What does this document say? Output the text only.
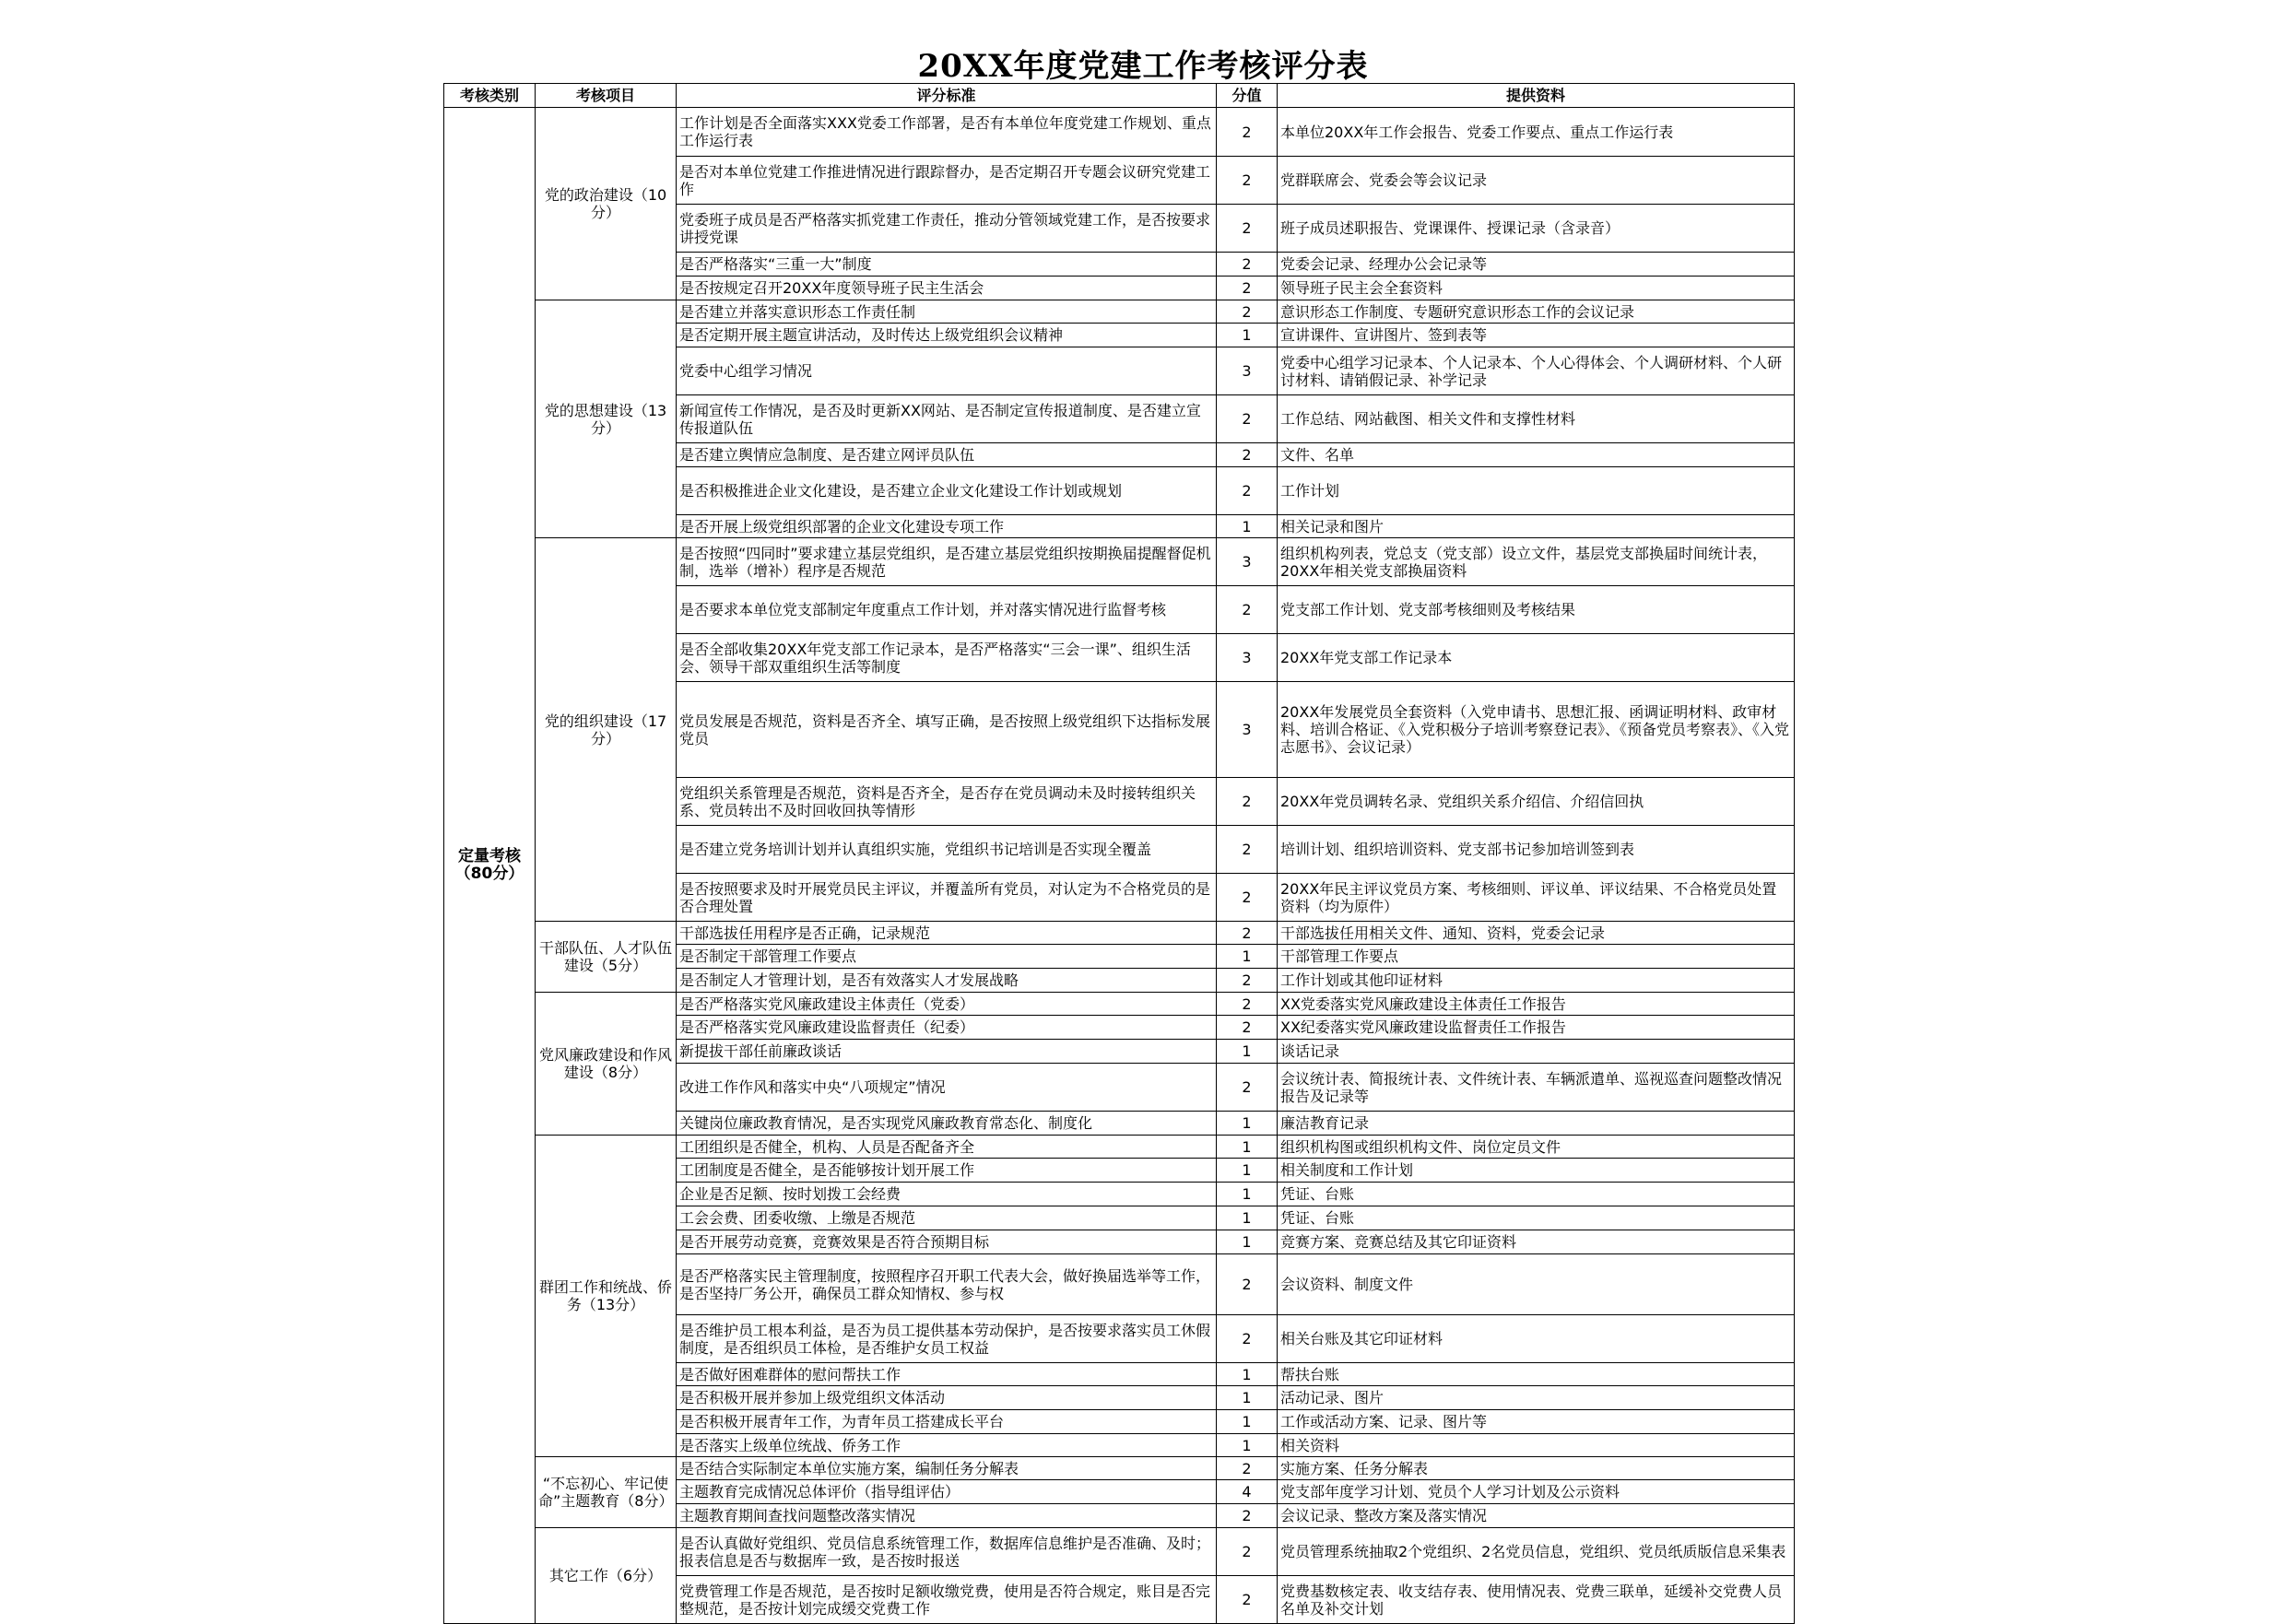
20XX年度党建工作考核评分表
考核类别	考核项目	评分标准	分值	提供资料
定量考核（80分）	党的政治建设（10分）	工作计划是否全面落实XXX党委工作部署，是否有本单位年度党建工作规划、重点工作运行表	2	本单位20XX年工作会报告、党委工作要点、重点工作运行表
		是否对本单位党建工作推进情况进行跟踪督办，是否定期召开专题会议研究党建工作	2	党群联席会、党委会等会议记录
		党委班子成员是否严格落实抓党建工作责任，推动分管领域党建工作，是否按要求讲授党课	2	班子成员述职报告、党课课件、授课记录（含录音）
		是否严格落实“三重一大”制度	2	党委会记录、经理办公会记录等
		是否按规定召开20XX年度领导班子民主生活会	2	领导班子民主会全套资料
	党的思想建设（13分）	是否建立并落实意识形态工作责任制	2	意识形态工作制度、专题研究意识形态工作的会议记录
		是否定期开展主题宣讲活动，及时传达上级党组织会议精神	1	宣讲课件、宣讲图片、签到表等
		党委中心组学习情况	3	党委中心组学习记录本、个人记录本、个人心得体会、个人调研材料、个人研讨材料、请销假记录、补学记录
		新闻宣传工作情况，是否及时更新XX网站、是否制定宣传报道制度、是否建立宣传报道队伍	2	工作总结、网站截图、相关文件和支撑性材料
		是否建立舆情应急制度、是否建立网评员队伍	2	文件、名单
		是否积极推进企业文化建设，是否建立企业文化建设工作计划或规划	2	工作计划
		是否开展上级党组织部署的企业文化建设专项工作	1	相关记录和图片
	党的组织建设（17分）	是否按照“四同时”要求建立基层党组织，是否建立基层党组织按期换届提醒督促机制，选举（增补）程序是否规范	3	组织机构列表，党总支（党支部）设立文件，基层党支部换届时间统计表，20XX年相关党支部换届资料
		是否要求本单位党支部制定年度重点工作计划，并对落实情况进行监督考核	2	党支部工作计划、党支部考核细则及考核结果
		是否全部收集20XX年党支部工作记录本，是否严格落实“三会一课”、组织生活会、领导干部双重组织生活等制度	3	20XX年党支部工作记录本
		党员发展是否规范，资料是否齐全、填写正确，是否按照上级党组织下达指标发展党员	3	20XX年发展党员全套资料（入党申请书、思想汇报、函调证明材料、政审材料、培训合格证、《入党积极分子培训考察登记表》、《预备党员考察表》、《入党志愿书》、会议记录）
		党组织关系管理是否规范，资料是否齐全，是否存在党员调动未及时接转组织关系、党员转出不及时回收回执等情形	2	20XX年党员调转名录、党组织关系介绍信、介绍信回执
		是否建立党务培训计划并认真组织实施，党组织书记培训是否实现全覆盖	2	培训计划、组织培训资料、党支部书记参加培训签到表
		是否按照要求及时开展党员民主评议，并覆盖所有党员，对认定为不合格党员的是否合理处置	2	20XX年民主评议党员方案、考核细则、评议单、评议结果、不合格党员处置资料（均为原件）
	干部队伍、人才队伍建设（5分）	干部选拔任用程序是否正确，记录规范	2	干部选拔任用相关文件、通知、资料，党委会记录
		是否制定干部管理工作要点	1	干部管理工作要点
		是否制定人才管理计划，是否有效落实人才发展战略	2	工作计划或其他印证材料
	党风廉政建设和作风建设（8分）	是否严格落实党风廉政建设主体责任（党委）	2	XX党委落实党风廉政建设主体责任工作报告
		是否严格落实党风廉政建设监督责任（纪委）	2	XX纪委落实党风廉政建设监督责任工作报告
		新提拔干部任前廉政谈话	1	谈话记录
		改进工作作风和落实中央“八项规定”情况	2	会议统计表、简报统计表、文件统计表、车辆派遣单、巡视巡查问题整改情况报告及记录等
		关键岗位廉政教育情况，是否实现党风廉政教育常态化、制度化	1	廉洁教育记录
	群团工作和统战、侨务（13分）	工团组织是否健全，机构、人员是否配备齐全	1	组织机构图或组织机构文件、岗位定员文件
		工团制度是否健全，是否能够按计划开展工作	1	相关制度和工作计划
		企业是否足额、按时划拨工会经费	1	凭证、台账
		工会会费、团委收缴、上缴是否规范	1	凭证、台账
		是否开展劳动竞赛，竞赛效果是否符合预期目标	1	竞赛方案、竞赛总结及其它印证资料
		是否严格落实民主管理制度，按照程序召开职工代表大会，做好换届选举等工作，是否坚持厂务公开，确保员工群众知情权、参与权	2	会议资料、制度文件
		是否维护员工根本利益，是否为员工提供基本劳动保护，是否按要求落实员工休假制度，是否组织员工体检，是否维护女员工权益	2	相关台账及其它印证材料
		是否做好困难群体的慰问帮扶工作	1	帮扶台账
		是否积极开展并参加上级党组织文体活动	1	活动记录、图片
		是否积极开展青年工作，为青年员工搭建成长平台	1	工作或活动方案、记录、图片等
		是否落实上级单位统战、侨务工作	1	相关资料
	“不忘初心、牢记使命”主题教育（8分）	是否结合实际制定本单位实施方案，编制任务分解表	2	实施方案、任务分解表
		主题教育完成情况总体评价（指导组评估）	4	党支部年度学习计划、党员个人学习计划及公示资料
		主题教育期间查找问题整改落实情况	2	会议记录、整改方案及落实情况
	其它工作（6分）	是否认真做好党组织、党员信息系统管理工作，数据库信息维护是否准确、及时；报表信息是否与数据库一致，是否按时报送	2	党员管理系统抽取2个党组织、2名党员信息，党组织、党员纸质版信息采集表
		党费管理工作是否规范，是否按时足额收缴党费，使用是否符合规定，账目是否完整规范，是否按计划完成缓交党费工作	2	党费基数核定表、收支结存表、使用情况表、党费三联单，延缓补交党费人员名单及补交计划
